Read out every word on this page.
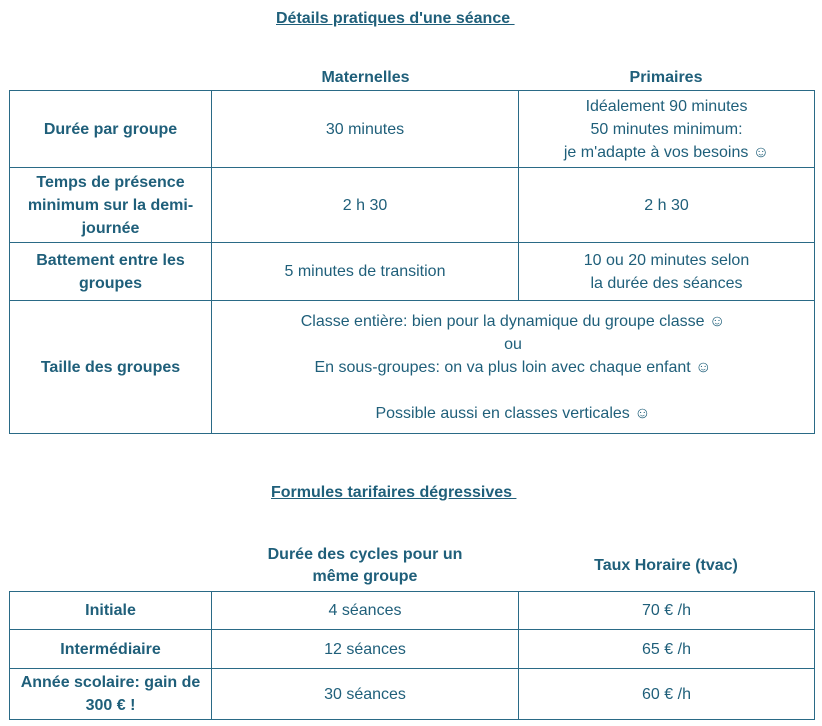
Détails pratiques d'une séance
Maternelles	Primaires
Durée par groupe	30 minutes	Idéalement 90 minutes
50 minutes minimum:
je m'adapte à vos besoins ☺

Temps de présence minimum sur la demi-journée	2 h 30	2 h 30

Battement entre les groupes	5 minutes de transition	10 ou 20 minutes selon
la durée des séances

Taille des groupes	Classe entière: bien pour la dynamique du groupe classe ☺
ou
En sous-groupes: on va plus loin avec chaque enfant ☺
Possible aussi en classes verticales ☺	
Formules tarifaires dégressives
Durée des cycles pour un même groupe
Taux Horaire (tvac)
Initiale	4 séances	70 € /h
Intermédiaire	12 séances	65 € /h
Année scolaire: gain de 300 € !	30 séances	60 € /h
